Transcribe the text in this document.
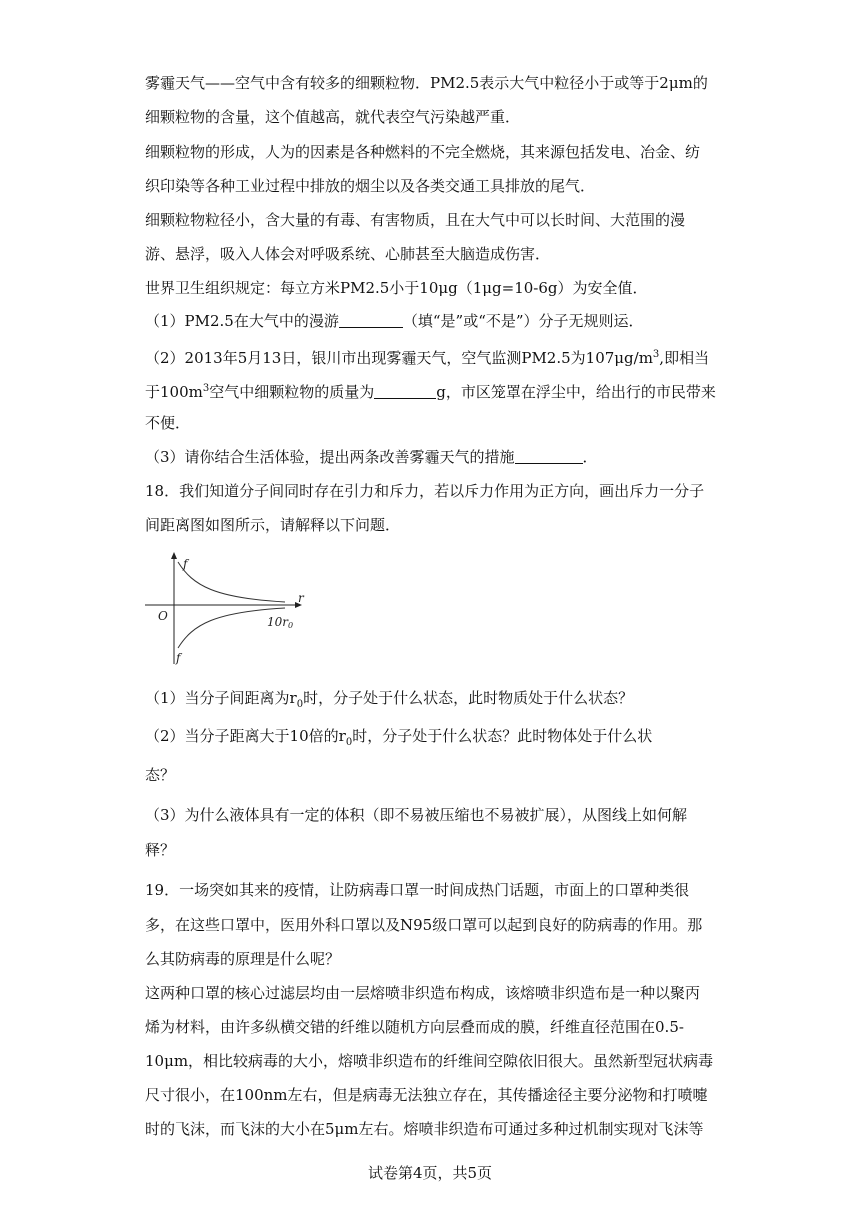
雾霾天气——空气中含有较多的细颗粒物．PM2.5表示大气中粒径小于或等于2μm的
细颗粒物的含量，这个值越高，就代表空气污染越严重．
细颗粒物的形成，人为的因素是各种燃料的不完全燃烧，其来源包括发电、冶金、纺
织印染等各种工业过程中排放的烟尘以及各类交通工具排放的尾气．
细颗粒物粒径小，含大量的有毒、有害物质，且在大气中可以长时间、大范围的漫
游、悬浮，吸入人体会对呼吸系统、心肺甚至大脑造成伤害．
世界卫生组织规定：每立方米PM2.5小于10μg（1μg=10-6g）为安全值．
（1）PM2.5在大气中的漫游	（填“是”或“不是”）分子无规则运．
（2）2013年5月13日，银川市出现雾霾天气，空气监测PM2.5为$107\mu g/m^3$,即相当
于$100m^3$空气中细颗粒物的质量为	g，市区笼罩在浮尘中，给出行的市民带来
不便．
（3）请你结合生活体验，提出两条改善雾霾天气的措施	．
18．我们知道分子间同时存在引力和斥力，若以斥力作用为正方向，画出斥力一分子
间距离图如图所示，请解释以下问题．
f
f
O
r
10r0
（1）当分子间距离为$r_0$时，分子处于什么状态，此时物质处于什么状态？
（2）当分子距离大于10倍的$r_0$时，分子处于什么状态？此时物体处于什么状
态？
（3）为什么液体具有一定的体积（即不易被压缩也不易被扩展），从图线上如何解
释？
19．一场突如其来的疫情，让防病毒口罩一时间成热门话题，市面上的口罩种类很
多，在这些口罩中，医用外科口罩以及N95级口罩可以起到良好的防病毒的作用。那
么其防病毒的原理是什么呢？
这两种口罩的核心过滤层均由一层熔喷非织造布构成，该熔喷非织造布是一种以聚丙
烯为材料，由许多纵横交错的纤维以随机方向层叠而成的膜，纤维直径范围在0.5-
10μm，相比较病毒的大小，熔喷非织造布的纤维间空隙依旧很大。虽然新型冠状病毒
尺寸很小，在100nm左右，但是病毒无法独立存在，其传播途径主要分泌物和打喷嚏
时的飞沫，而飞沫的大小在5μm左右。熔喷非织造布可通过多种过机制实现对飞沫等
试卷第4页，共5页
